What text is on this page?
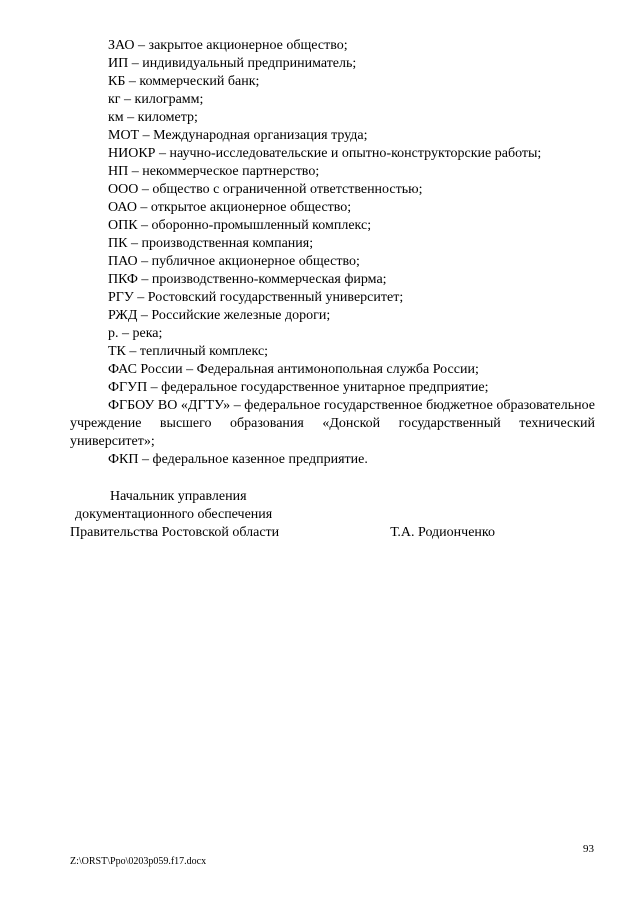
ЗАО – закрытое акционерное общество;
ИП – индивидуальный предприниматель;
КБ – коммерческий банк;
кг – килограмм;
км – километр;
МОТ – Международная организация труда;
НИОКР – научно-исследовательские и опытно-конструкторские работы;
НП – некоммерческое партнерство;
ООО – общество с ограниченной ответственностью;
ОАО – открытое акционерное общество;
ОПК – оборонно-промышленный комплекс;
ПК – производственная компания;
ПАО – публичное акционерное общество;
ПКФ – производственно-коммерческая фирма;
РГУ – Ростовский государственный университет;
РЖД – Российские железные дороги;
р. – река;
ТК – тепличный комплекс;
ФАС России – Федеральная антимонопольная служба России;
ФГУП – федеральное государственное унитарное предприятие;
ФГБОУ ВО «ДГТУ» – федеральное государственное бюджетное образовательное учреждение высшего образования «Донской государственный технический университет»;
ФКП – федеральное казенное предприятие.
Начальник управления
документационного обеспечения
Правительства Ростовской области	Т.А. Родионченко
93
Z:\ORST\Ppo\0203p059.f17.docx
